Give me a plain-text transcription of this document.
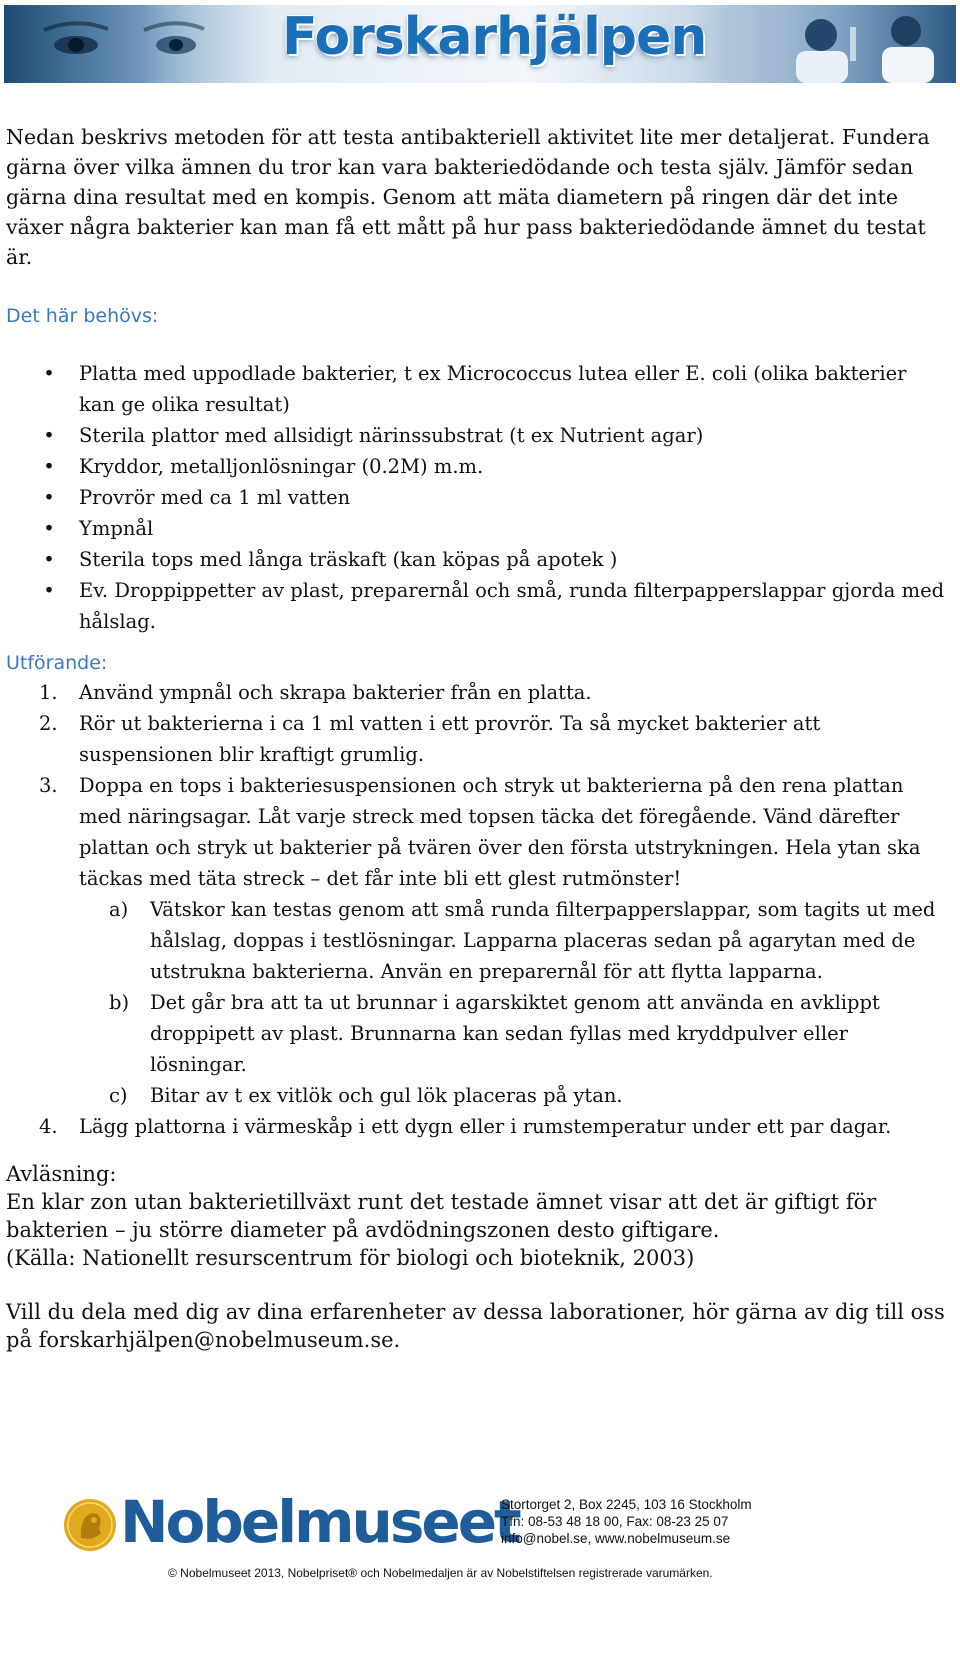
Forskarhjälpen

Nedan beskrivs metoden för att testa antibakteriell aktivitet lite mer detaljerat. Fundera gärna över vilka ämnen du tror kan vara bakteriedödande och testa själv. Jämför sedan gärna dina resultat med en kompis. Genom att mäta diametern på ringen där det inte växer några bakterier kan man få ett mått på hur pass bakteriedödande ämnet du testat är.

Det här behövs:

• Platta med uppodlade bakterier, t ex Micrococcus lutea eller E. coli (olika bakterier kan ge olika resultat)
• Sterila plattor med allsidigt närinssubstrat (t ex Nutrient agar)
• Kryddor, metalljonlösningar (0.2M) m.m.
• Provrör med ca 1 ml vatten
• Ympnål
• Sterila tops med långa träskaft (kan köpas på apotek )
• Ev. Droppippetter av plast, preparernål och små, runda filterpapperslappar gjorda med hålslag.

Utförande:

1. Använd ympnål och skrapa bakterier från en platta.
2. Rör ut bakterierna i ca 1 ml vatten i ett provrör. Ta så mycket bakterier att suspensionen blir kraftigt grumlig.
3. Doppa en tops i bakteriesuspensionen och stryk ut bakterierna på den rena plattan med näringsagar. Låt varje streck med topsen täcka det föregående. Vänd därefter plattan och stryk ut bakterier på tvären över den första utstrykningen. Hela ytan ska täckas med täta streck – det får inte bli ett glest rutmönster!
a) Vätskor kan testas genom att små runda filterpapperslappar, som tagits ut med hålslag, doppas i testlösningar. Lapparna placeras sedan på agarytan med de utstrukna bakterierna. Använ en preparernål för att flytta lapparna.
b) Det går bra att ta ut brunnar i agarskiktet genom att använda en avklippt droppipett av plast. Brunnarna kan sedan fyllas med kryddpulver eller lösningar.
c) Bitar av t ex vitlök och gul lök placeras på ytan.
4. Lägg plattorna i värmeskåp i ett dygn eller i rumstemperatur under ett par dagar.

Avläsning:

En klar zon utan bakterietillväxt runt det testade ämnet visar att det är giftigt för bakterien – ju större diameter på avdödningszonen desto giftigare.

(Källa: Nationellt resurscentrum för biologi och bioteknik, 2003)

Vill du dela med dig av dina erfarenheter av dessa laborationer, hör gärna av dig till oss på forskarhjälpen@nobelmuseum.se.

Nobelmuseet
Stortorget 2, Box 2245, 103 16 Stockholm
Tfn: 08-53 48 18 00, Fax: 08-23 25 07
info@nobel.se, www.nobelmuseum.se
© Nobelmuseet 2013, Nobelpriset® och Nobelmedaljen är av Nobelstiftelsen registrerade varumärken.
